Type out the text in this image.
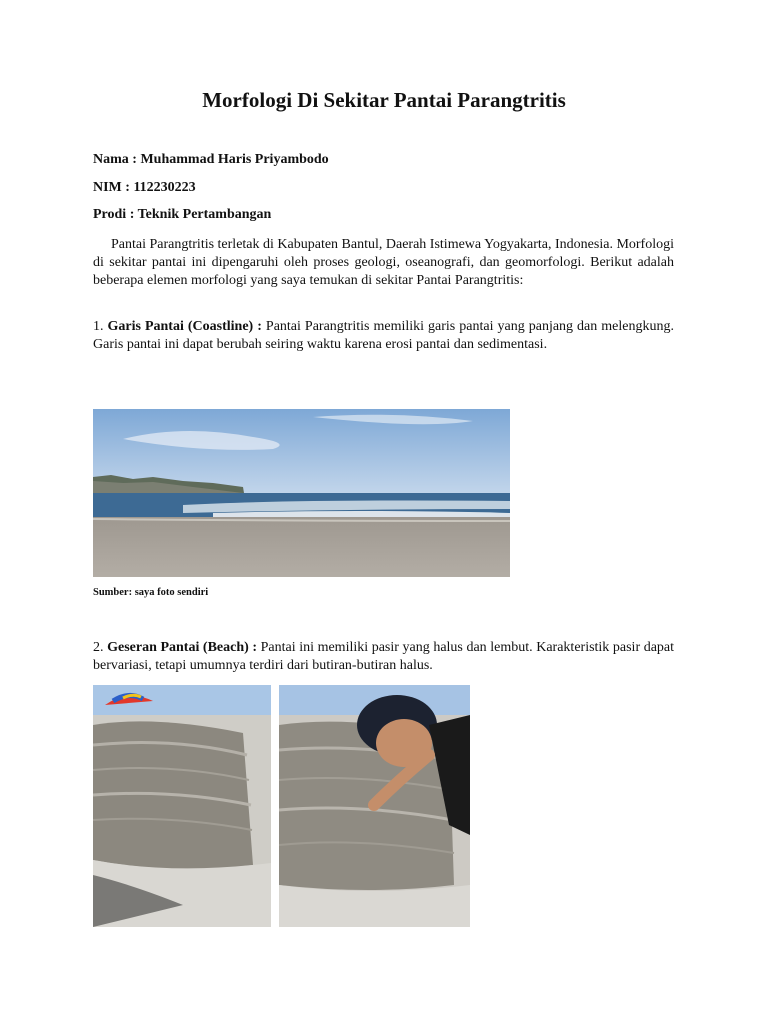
Morfologi Di Sekitar Pantai Parangtritis

Nama : Muhammad Haris Priyambodo

NIM : 112230223

Prodi : Teknik Pertambangan

Pantai Parangtritis terletak di Kabupaten Bantul, Daerah Istimewa Yogyakarta, Indonesia. Morfologi di sekitar pantai ini dipengaruhi oleh proses geologi, oseanografi, dan geomorfologi. Berikut adalah beberapa elemen morfologi yang saya temukan di sekitar Pantai Parangtritis:

1. Garis Pantai (Coastline) : Pantai Parangtritis memiliki garis pantai yang panjang dan melengkung. Garis pantai ini dapat berubah seiring waktu karena erosi pantai dan sedimentasi.

Sumber: saya foto sendiri

2. Geseran Pantai (Beach) : Pantai ini memiliki pasir yang halus dan lembut. Karakteristik pasir dapat bervariasi, tetapi umumnya terdiri dari butiran-butiran halus.
